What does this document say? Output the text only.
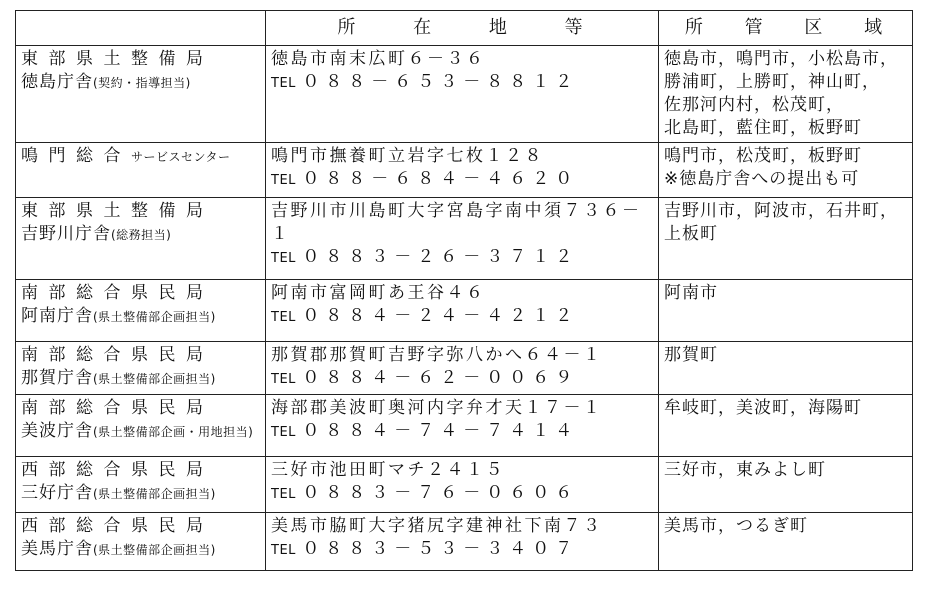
	所 在 地 等	所 管 区 域

東部県土整備局
徳島庁舎(契約・指導担当)	徳島市南末広町６－３６
TEL ０８８－６５３－８８１２	徳島市，鳴門市，小松島市，
勝浦町，上勝町，神山町，
佐那河内村，松茂町，
北島町，藍住町，板野町

鳴門総合サービスセンター	鳴門市撫養町立岩字七枚１２８
TEL ０８８－６８４－４６２０	鳴門市，松茂町，板野町
※徳島庁舎への提出も可

東部県土整備局
吉野川庁舎(総務担当)	吉野川市川島町大字宮島字南中須７３６－１
TEL ０８８３－２６－３７１２	吉野川市，阿波市，石井町，
上板町

南部総合県民局
阿南庁舎(県土整備部企画担当)	阿南市富岡町あ王谷４６
TEL ０８８４－２４－４２１２	阿南市

南部総合県民局
那賀庁舎(県土整備部企画担当)	那賀郡那賀町吉野字弥八かへ６４－１
TEL ０８８４－６２－００６９	那賀町

南部総合県民局
美波庁舎(県土整備部企画・用地担当)	海部郡美波町奥河内字弁才天１７－１
TEL ０８８４－７４－７４１４	牟岐町，美波町，海陽町

西部総合県民局
三好庁舎(県土整備部企画担当)	三好市池田町マチ２４１５
TEL ０８８３－７６－０６０６	三好市，東みよし町

西部総合県民局
美馬庁舎(県土整備部企画担当)	美馬市脇町大字猪尻字建神社下南７３
TEL ０８８３－５３－３４０７	美馬市，つるぎ町
